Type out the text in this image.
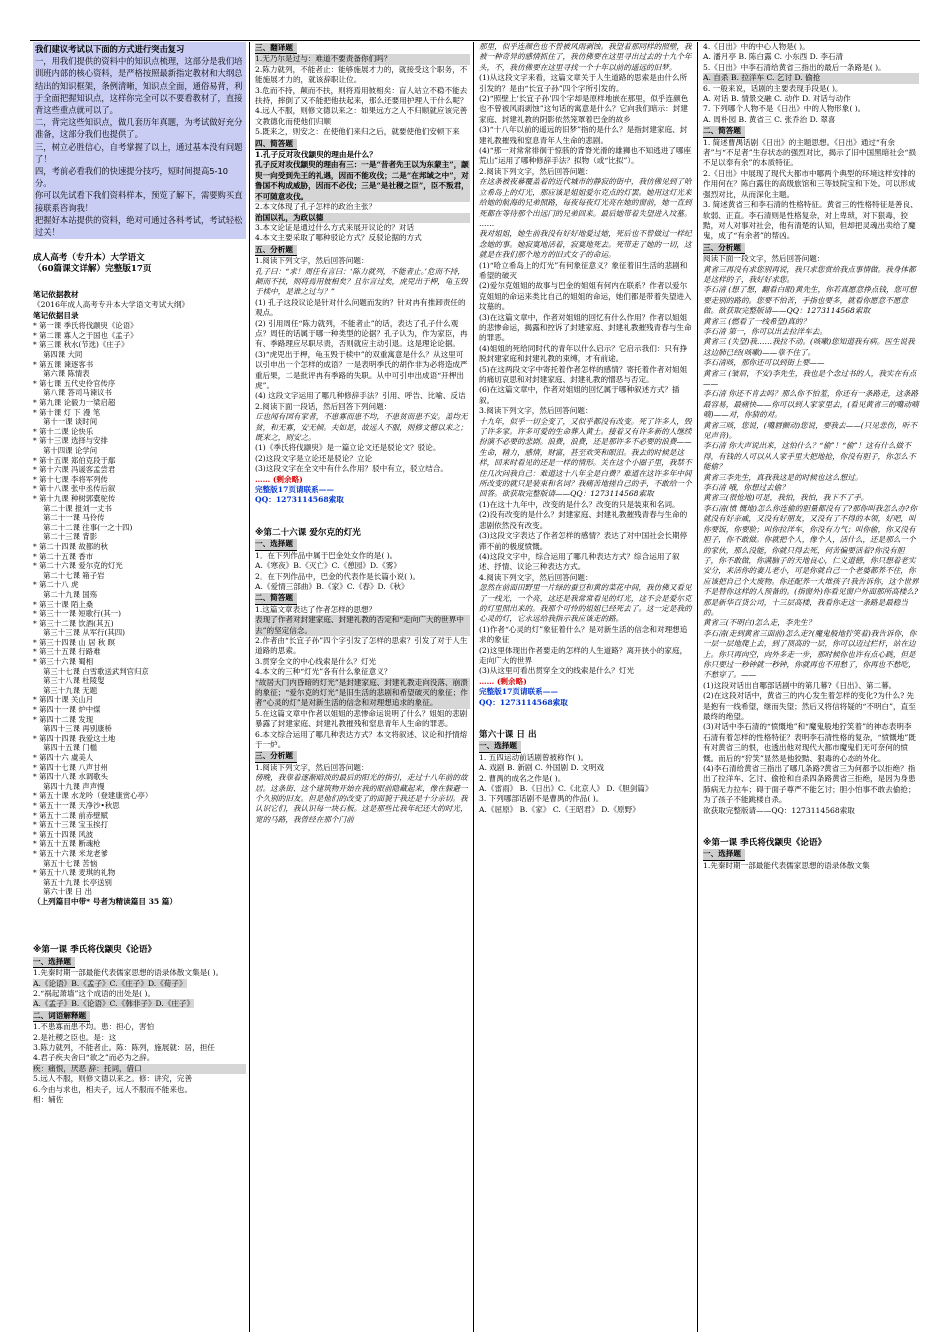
我们建议考试以下面的方式进行突击复习
一，用我们提供的资料中的知识点梳理，这部分是我们培训班内部的核心资料，是严格按照最新指定教材和大纲总结出的知识框架，条例清晰，知识点全面，通俗易背，利于全面把握知识点，这样你完全可以不要看教材了，直接背这些重点就可以了。
二，背完这些知识点，做几套历年真题，为考试做好充分准备，这部分我们也提供了。
三，树立必胜信心，自考掌握了以上，通过基本没有问题了！
四，考前必看我们的快速提分技巧，短时间提高5-10分。
你可以先试看下我们资料样本，预览了解下，需要购买直接联系咨询我！
把握好本站提供的资料，绝对可通过各科考试，考试轻松过关！
成人高考（专升本）大学语文
（60篇课文详解）完整版17页
笔记依据教材
《2016年成人高考专升本大学语文考试大纲》
笔记依据目录
* 第一课 季氏将伐颛臾《论语》
* 第二课 寡人之于国也《孟子》
* 第三课 秋水(节选)《庄子》
第四课 大同
* 第五课 谏逐客书
第六课 陈情表
* 第七课 五代史伶官传序
第八课 答司马谏议书
* 第九课 论毅力一梁启超
* 第十课 灯 下 漫 笔
第十一课 谈时间
* 第十二课 论快乐
* 第十三课 选择与安排
第十四课 论学问
* 第十五课 郑伯克段于鄢
* 第十六课 冯谖客孟尝君
* 第十七课 李将军列传
* 第十八课 张中丞传后叙
* 第十九课 种树郭橐驼传
第二十课 报刘一丈书
第二十一课 马伶传
第二十二课 往事(一之十四)
第二十三课 背影
* 第二十四课 故都的秋
* 第二十五课 香市
* 第二十六课 爱尔克的灯光
第二十七课 箱子岩
* 第二十八 虎
第二十九课 国殇
* 第三十课 陌上桑
* 第三十一课 短歌行(其一)
* 第三十二课 饮酒(其五)
第三十三课 从军行(其四)
* 第三十四课 山 居 秋 暝
* 第三十五课 行路难
* 第三十六课 蜀相
第三十七课 白雪歌送武判官归京
第三十八课 杜陵叟
第三十九课 无题
* 第四十课 关山月
* 第四十一课 炉中煤
* 第四十二课 发现
第四十三课 再别康桥
* 第四十四课 我爱这土地
第四十五课 门槛
* 第四十六 虞美人
* 第四十七课 八声甘州
* 第四十八课 水调歌头
第四十九课 声声慢
* 第五十课 水龙吟（登建康赏心亭）
* 第五十一课 天净沙•秋思
* 第五十二课 前赤壁赋
* 第五十三课 宝玉挨打
* 第五十四课 风波
* 第五十五课 断魂枪
* 第五十六课 米龙老爹
第五十七课 苦恼
* 第五十八课 麦琪的礼物
第五十九课 长亭送别
第六十课 日 出
（上列篇目中带* 号者为精读篇目 35 篇）
※第一课 季氏将伐颛臾《论语》
一、选择题

1.先秦时期一部最能代表儒家思想的语录体散文集是( )。

A.《论语》B.《孟子》C.《庄子》D.《荀子》

2.“祸起萧墙”这个成语的出处是( )。

A.《孟子》B.《论语》C.《韩非子》D.《庄子》

二、词语解释题

1.不患寡而患不均。患：担心，害怕

2.是社稷之臣也。是：这

3.陈力就列，不能者止。陈：陈列，施展就：居，担任

4.君子疾夫舍曰“欲之”而必为之辞。

疾：痛恨，厌恶 辞：托词，借口

5.远人不服，则修文德以来之。修：讲究，完善

6.今由与求也，相夫子，远人不服而不能来也。

相：辅佐

三、翻译题

1.无乃尔是过与：难道不要责备你们吗？

2.陈力就列，不能者止：能够施展才力的，就接受这个职务，不能施展才力的，就该辞职让位。

3.危而不持，颠而不扶，则将焉用彼相矣：盲人站立不稳不能去扶持，摔倒了又不能把他扶起来，那么还要用护理人干什么呢？

4.远人不服，则修文德以来之：如果远方之人不归顺就应该完善文教德化而使他们归顺

5.既来之，则安之：在使他们来归之后，就要使他们安顿下来

四、简答题

1.孔子反对攻伐颛臾的理由是什么？

孔子反对攻伐颛臾的理由有三：一是“昔者先王以为东蒙主”，颛臾一向受到先王的礼遇，因而不能攻伐；二是“在邦域之中”，对鲁国不构成威胁，因而不必伐；三是“是社稷之臣”，臣不叛君，不可随意攻伐。

2.本文体现了孔子怎样的政治主张？

治国以礼，为政以德

3.本文论证是通过什么方式来展开议论的？对话

4.本文主要采取了哪种驳论方式？反驳论据的方式

五、分析题

1.阅读下列文字，然后回答问题：

孔子曰：“求！周任有言曰：‘陈力就列，不能者止。’危而不持，颠而不扶，则将焉用彼相矣？且尔言过矣，虎兕出于柙，龟玉毁于椟中，是谁之过与？”

(1) 孔子这段议论是针对什么问题而发的？针对冉有推卸责任的观点。

(2) 引用周任“陈力就列，不能者止”的话，表达了孔子什么观点？周任的话属于哪一种类型的论据？孔子认为，作为家臣，冉有、季路理应尽职尽责，否则就应主动引退。这是理论论据。

(3)“虎兕出于柙，龟玉毁于椟中”的双重寓意是什么？从这里可以引申出一个怎样的成语？一是表明季氏的胡作非为必将造成严重后果，二是批评冉有季路的失职。从中可引申出成语“开柙出虎”。

(4) 这段文字运用了哪几种修辞手法？引用、呼告、比喻、反诘

2.阅读下面一段话，然后回答下列问题：

丘也闻有国有家者，不患寡而患不均，不患贫而患不安。盖均无贫，和无寡，安无倾。夫如是，故远人不服，则修文德以来之；既来之，则安之。

(1)《季氏将伐颛臾》是一篇立论文还是驳论文？驳论。

(2)这段文字是立论还是驳论？立论

(3)这段文字在全文中有什么作用？驳中有立，驳立结合。

…… (剩余略)

完整版17页请联系——

QQ：1273114568索取

※第二十六课 爱尔克的灯光
一、选择题

1．在下列作品中属于巴金处女作的是( )。

A.《寒夜》B.《灭亡》C.《憩园》D.《雾》

2．在下列作品中，巴金的代表作是长篇小说( )。

A.《爱情三部曲》B.《家》C.《春》D.《秋》

二、简答题

1.这篇文章表达了作者怎样的思想？

表现了作者对封建家庭、封建礼教的否定和“走向广大的世界中去”的坚定信念。

2.作者由“长宜子孙”四个字引发了怎样的思索？引发了对于人生道路的思索。

3.贯穿全文的中心线索是什么？灯光

4.本文的三种“灯光”各有什么象征意义？

“故居大门内昏暗的灯光”是封建家庭、封建礼教走向没落、崩溃的象征；“爱尔克的灯光”是旧生活的悲剧和希望破灭的象征；作者“心灵的灯”是对新生活的信念和对理想追求的象征。

5.在这篇文章中作者以姐姐的悲惨命运说明了什么？姐姐的悲剧暴露了封建家庭、封建礼教摧残和窒息青年人生命的罪恶。

6.本文综合运用了哪几种表达方式？本文将叙述、议论和抒情熔于一炉。

三、分析题

1.阅读下列文字，然后回答问题：

傍晚，我靠着逐渐暗淡的最后的阳光的指引，走过十八年前的故居。这条街、这个建筑物开始在我的眼前隐藏起来，像在躲避一个久别的旧友。但是他们的改变了的面貌于我还是十分亲切。我认识它们，我认识每一块石板。这是那些比我年纪还大的时光，宽的马路，我曾经在那个门前

那里，似乎连颜色也不曾被风雨剥蚀。我望着那同样的照壁，我被一种奇异的感情抓住了，我仿佛要在这里寻出过去的十九个年头，不，我仿佛要在这里寻找一个十年以前的遥远的旧梦。

(1)从这段文字来看，这篇文章关于人生道路的思索是由什么所引发的？是由“长宜子孙”四个字所引发的。

(2)“照壁上‘长宜子孙’四个字却是原样地嵌在那里，似乎连颜色也不曾被风雨剥蚀”这句话的寓意是什么？它向我们暗示：封建家庭、封建礼教的阴影依然笼罩着巴金的故乡

(3)“十八年以前的遥远的旧梦”指的是什么？是指封建家庭、封建礼教摧残和窒息青年人生命的悲剧。

(4)“那一对常常徘徊于惊骇的背脊光滑的雄狮也不知逃进了哪座荒山”运用了哪种修辞手法？拟物（或“比拟”）。

2.阅读下列文字，然后回答问题：

在这条被夜幕覆盖着的近代城市的静寂的街中，我仿佛见到了哈立希岛上的灯光，那应该是姐姐爱尔克点的灯罢。她用这灯光来给她的航海的兄弟照路，每夜每夜灯光亮在她的窗前，她一直到死都在等待那个出远门的兄弟回来。最后她带着失望进入坟墓。

……

我对姐姐，她生前我没有好好地爱过她，死后也不曾做过一样纪念她的事。她寂寞地活着，寂寞地死去。死带走了她的一切，这就是在我们那个地方的旧式女子的命运。

(1)“哈立希岛上的灯光”有何象征意义？象征着旧生活的悲剧和希望的破灭

(2)爱尔克姐姐的故事与巴金的姐姐有何内在联系？作者以爱尔克姐姐的命运来类比自己的姐姐的命运，她们都是带着失望进入坟墓的。

(3)在这篇文章中，作者对姐姐的回忆有什么作用？作者以姐姐的悲惨命运，揭露和控诉了封建家庭、封建礼教摧残青春与生命的罪恶。

(4)姐姐的死给同时代的青年以什么启示？它启示我们：只有挣脱封建家庭和封建礼教的束缚，才有前途。

(5)在这两段文字中寄托着作者怎样的感情？寄托着作者对姐姐的痛切哀思和对封建家庭、封建礼教的憎恶与否定。

(6)在这篇文章中，作者对姐姐的回忆属于哪种叙述方式？插叙。

3.阅读下列文字，然后回答问题：

十九年，似乎一切全变了，又似乎都没有改变。死了许多人，毁了许多家。许多可爱的生命葬入黄土。接着又有许多新的人继续扮演不必要的悲剧。浪费，浪费，还是那许多不必要的浪费——生命，精力，感情，财富，甚至欢笑和眼泪。我去的时候是这样，回来时看见的还是一样的情形。关在这个小圈子里，我禁不住几次问我自己：难道这十八年全是白费？难道在这许多年中间所改变的就只是装束和名词？我痛苦地搓自己的手，不敢给一个回答。欲获取完整版请——QQ：1273114568索取

(1)在这十九年中，改变的是什么？改变的只是装束和名词。

(2)没有改变的是什么？封建家庭、封建礼教摧残青春与生命的悲剧依然没有改变。

(3)这段文字表达了作者怎样的感情？表达了对中国社会长期停滞不前的极度愤慨。

(4)这段文字中，综合运用了哪几种表达方式？综合运用了叙述、抒情、议论三种表达方式。

4.阅读下列文字，然后回答问题：

忽然在前面田野里一片绿的蚕豆和黄的菜花中间，我仿佛又看见了一线光，一个亮，这还是我常常看见的灯光，这不会是爱尔克的灯里照出来的。我那个可怜的姐姐已经死去了。这一定是我的心灵的灯，它永远给我指示我应该走的路。

(1)作者“心灵的灯”象征着什么？是对新生活的信念和对理想追求的象征

(2)这里体现出作者要走的怎样的人生道路？离开狭小的家庭，走向广大的世界

(3)从这里可看出贯穿全文的线索是什么？灯光

…… (剩余略)

完整版17页请联系——

QQ：1273114568索取

第六十课 日 出
一、选择题

1. 五四运动前话剧曾被称作( )。

A. 戏剧 B. 新剧 C. 外国剧 D. 文明戏

2. 曹禺的成名之作是( )。

A.《雷雨》 B.《日出》C.《北京人》 D.《胆剑篇》

3. 下列哪部话剧不是曹禺的作品( )。

A.《屈原》 B.《家》 C.《王昭君》 D.《原野》

4.《日出》中的中心人物是( )。

A. 潘月亭 B. 陈白露 C. 小东西 D. 李石清

5.《日出》中李石清给黄省三指出的最后一条路是( )。

A. 自杀 B. 拉洋车 C. 乞讨 D. 偷抢

6. 一般来说，话剧的主要表现手段是( )。

A. 对话 B. 情景交融 C. 动作 D. 对话与动作

7. 下列哪个人物不是《日出》中的人物形象( )。

A. 周朴园 B. 黄省三 C. 张乔治 D. 翠喜

二、简答题

1. 简述曹禺话剧《日出》的主题思想。《日出》通过“有余者”与“不足者”生存状态的强烈对比，揭示了旧中国黑暗社会“损不足以奉有余”的本质特征。

2.《日出》中展现了现代大都市中哪两个典型的环境这样安排的作用何在？陈白露住的高级旅馆和三等妓院宝和下处。可以形成强烈对比，从而深化主题。

3. 简述黄省三和李石清的性格特征。黄省三的性格特征是善良、软弱、正直。李石清则是性格复杂，对上卑琐，对下狠毒，狡黠，对人对事对社会，他有清楚的认知，但却把灵魂出卖给了魔鬼，成了“有余者”的帮凶。

三、分析题

阅读下面一段文字，然后回答问题：

黄省三再没有求您别再说，我只求您赏给我点事情做。我身体都是这样的子，我好好求您。
李石清 (想了想，翻看白眼)黄先生，你若真愿意挣点钱，您可想要走别的路的。您要不怕苦，手指也要多，就看你愿意不愿意做。欲获取完整版请——QQ：1273114568索取
黄省三 (燃看了一线希望)真的？
李石清 第一，你可以出去拉洋车去。
黄省三 (失望)我……我拉不动。(咳嗽)您知道我有病。医生说我这边肺已经(咳嗽)——靠不住了。
李石清咳，那你还可以到街上要——
黄省三 (皱眉，不安)李先生，我也是个念过书的人，我实在有点——
李石清 你还不肯去吗？那么你不怕羞，你还有一条路走，这条路最容易，最痛快——你可以到人家家里去，(看见黄省三的嘴动喃喃)——对，你猜的对。
黄省三咳，您说，(嘴唇颤动)您说，要我去——(只见悲伤，听不见声音)。
李石清 你大声说出来，这怕什么？“偷”！“偷”！这有什么做不得，有钱的人可以从人家手里大把地抢，你没有胆子，你怎么不能偷？
黄省三李先生，真我我这是的时候也这么想过。
李石清 哦，你想过去偷？
黄省三(很怆地)可是，我怕，我怕，我下不了手。
李石清(愤 慨地)怎么你连偷的胆量都没有了?那你叫我怎么办?你就没有好亲戚，又没有好朋友，又没有了不得的本领，好吧，叫你要饭，你要脸；叫你拉洋车，你没有力气；叫你偷，你又没有胆子，你不敢做。你就把个人，像个人，活什么，还是那么一个的家伙，那么没能，你就只得去死，何苦偏要活着?你没有胆子，你不敢做，你满脑子的天地良心，仁义道德，你只想着老实安分，来活你的妻儿老小，可是你就自己一个老婆都养不住，你应该把自己个大废物。你还配养一大堆孩子!我告诉你，这个世界不是替你这样的人预备的。(指窗外)你看见窗户外面那所高楼么?那是新华百货公司，十三层高楼，我看你走这一条路是最稳当的。
黄省三(不明白)怎么走，李先生？
李石清(走到黄省三面前)怎么走?(魔鬼般地狞笑着)我告诉你，你一层一层地爬上去，到了顶高的一层，你可以迈过栏杆，站在边上。你只再向空，向外多走一步，那时候你也许有点心跳，但是你只要过一秒钟就一秒钟，你就再也不用愁了，你再也不愁吃，不愁穿了。——

(1)这段对话出自哪部话剧中的第几幕?《日出》、第二幕。

(2)在这段对话中，黄省三的内心发生着怎样的变化?为什么? 先是抱有一线希望，继而失望；然后又将信将疑的“不明白”，直至最终的绝望。

(3)对话中李石清的“愤慨地”和“魔鬼般地狞笑着”的神态表明李石清有着怎样的性格特征？表明李石清性格的复杂，“愤慨地”既有对黄省三的恨，也透出他对现代大都市魔鬼们无可奈何的愤慨。而后的“狞笑”显然是他狡黠、狠毒的心态的外化。

(4)李石清给黄省三指出了哪几条路?黄省三为何都予以拒绝？指出了拉洋车、乞讨、偷抢和自杀四条路黄省三拒绝，是因为身患肺病无力拉车；碍于面子尊严不能乞讨；胆小怕事不敢去偷抢；为了孩子不能跳楼自杀。

欲获取完整版请——QQ：1273114568索取

※第一课 季氏将伐颛臾《论语》
一、选择题

1.先秦时期一部最能代表儒家思想的语录体散文集
